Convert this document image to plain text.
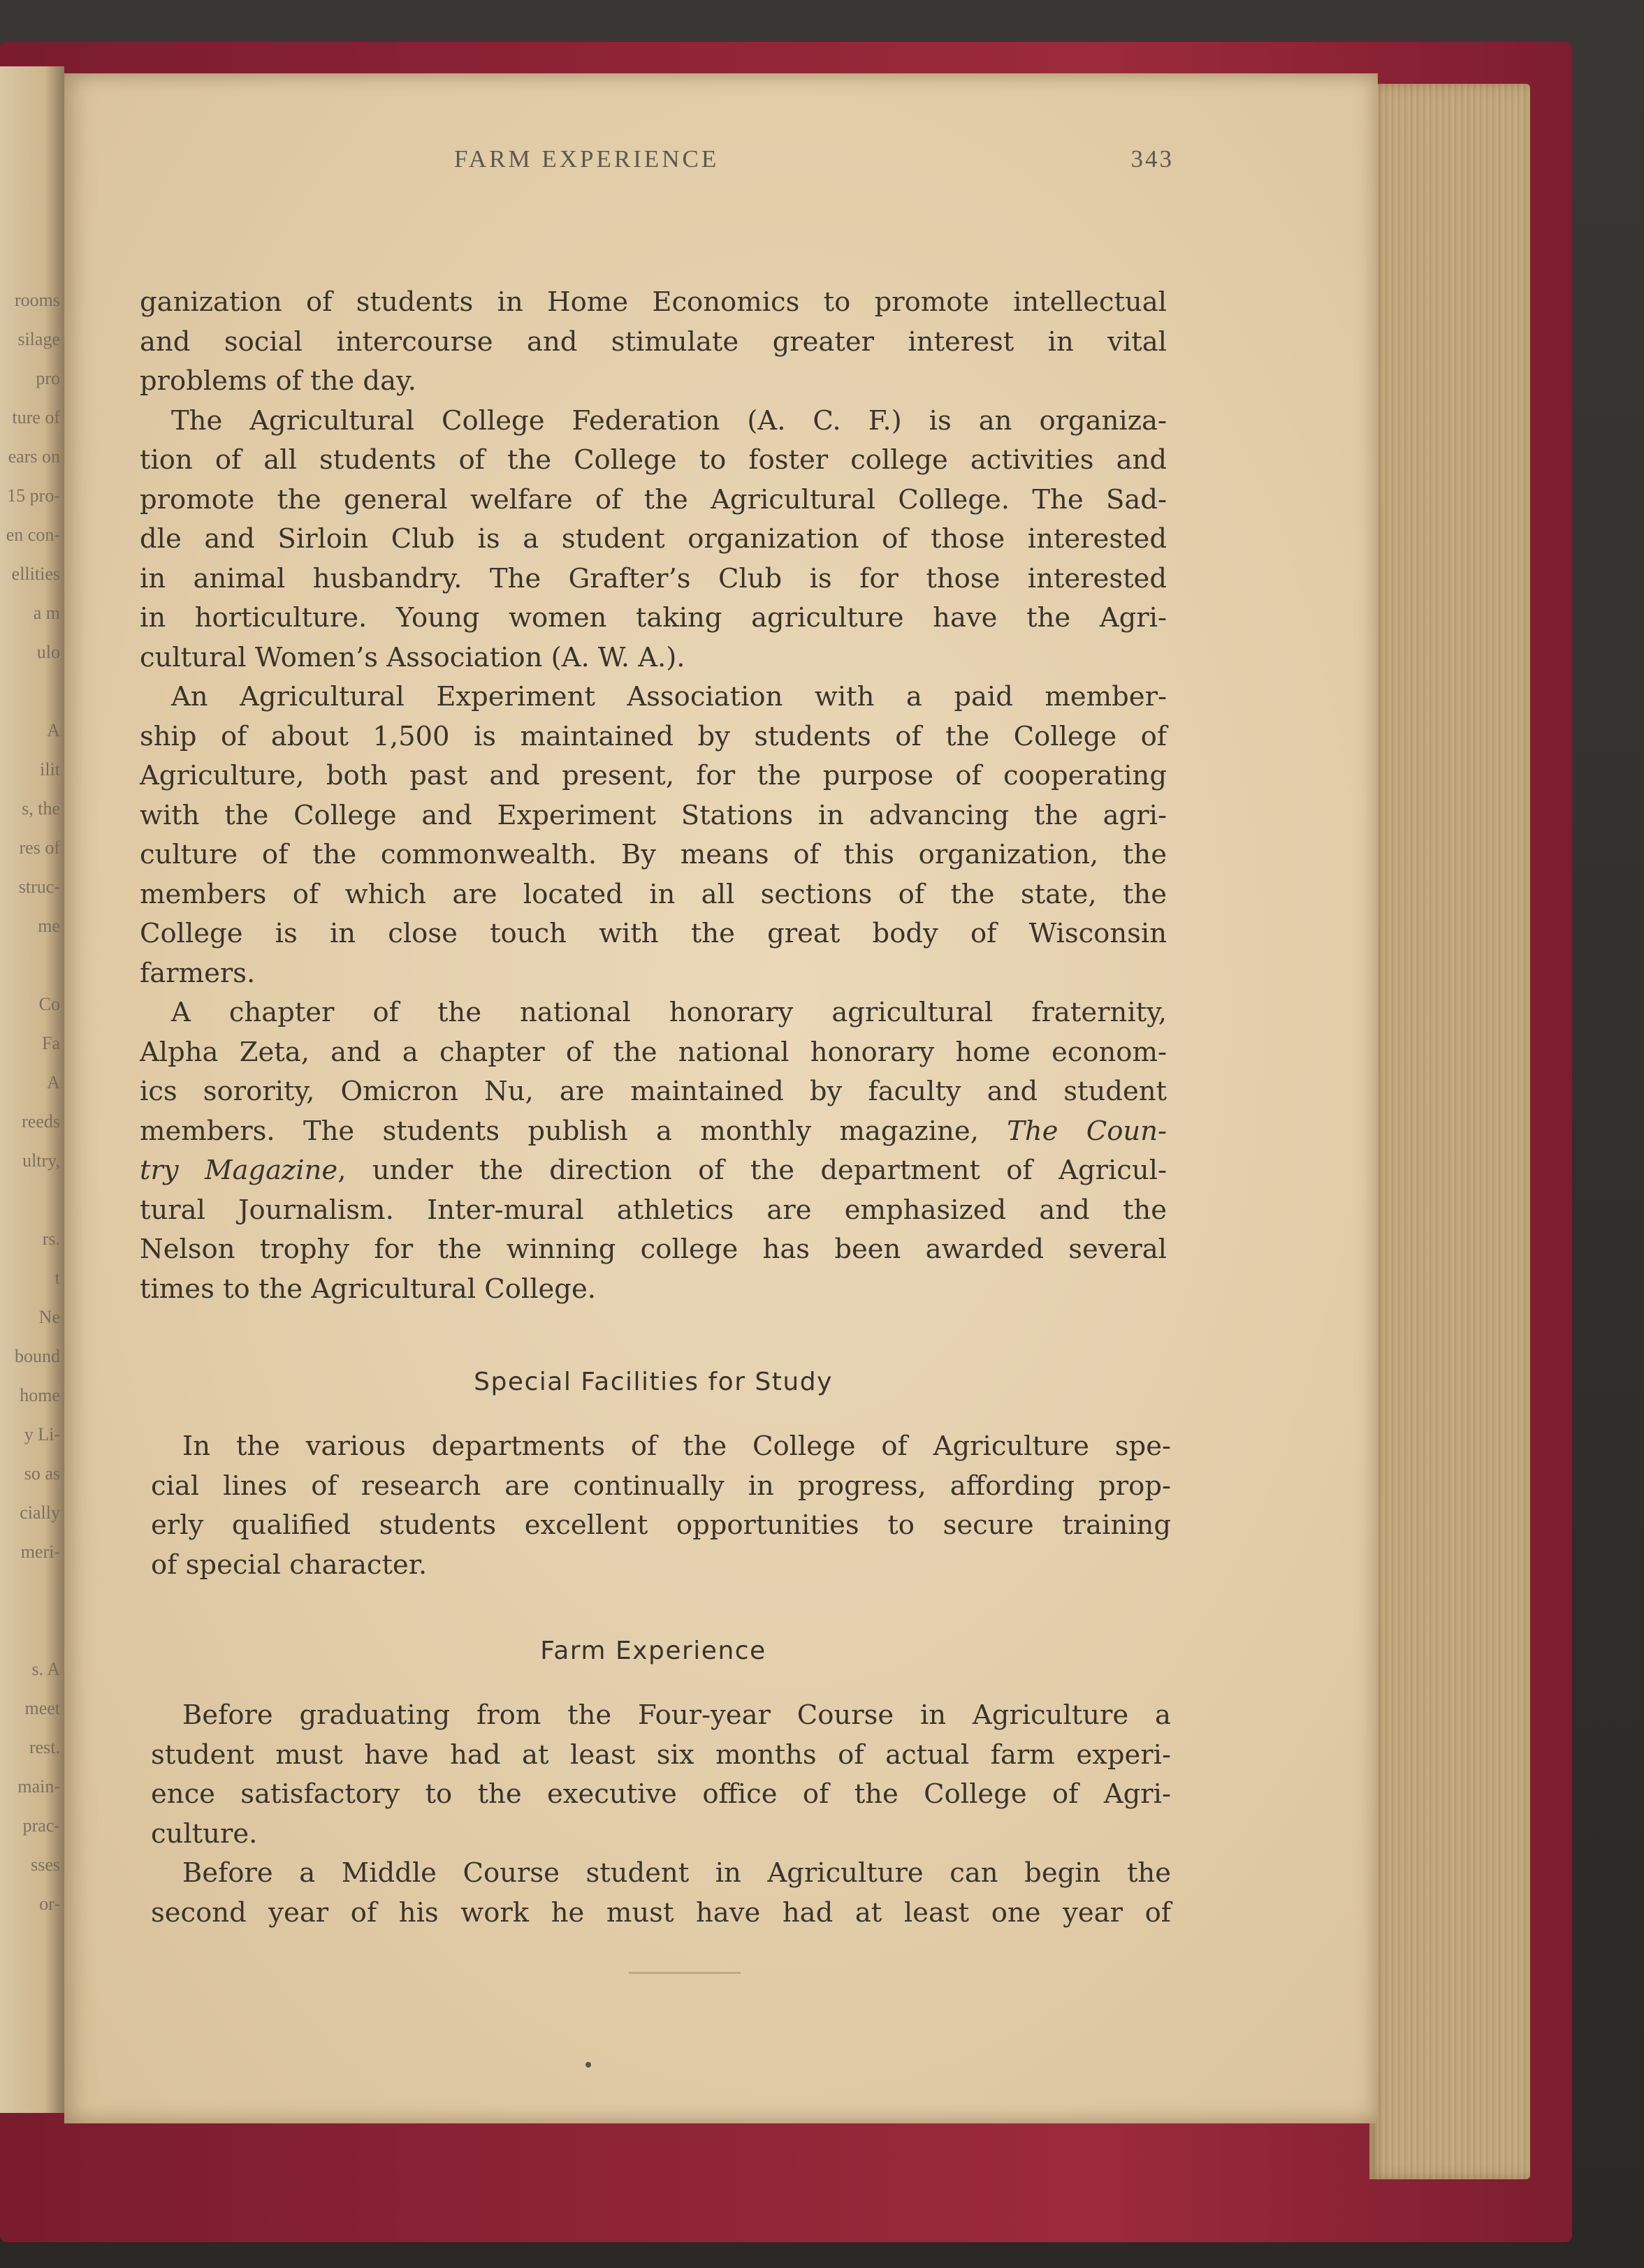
rooms
silage
pro
ture of
ears on
15 pro-
en con-
ellities
a m
ulo
A
ilit
s, the
res of
struc-
me
Co
Fa
A
reeds
ultry,
rs.
t
Ne
bound
home
y Li-
so as
cially
meri-
s. A
meet
rest.
main-
prac-
sses
or-
FARM EXPERIENCE	343
ganization of students in Home Economics to promote intellectual
and social intercourse and stimulate greater interest in vital
problems of the day.
The Agricultural College Federation (A. C. F.) is an organiza-
tion of all students of the College to foster college activities and
promote the general welfare of the Agricultural College. The Sad-
dle and Sirloin Club is a student organization of those interested
in animal husbandry. The Grafter’s Club is for those interested
in horticulture. Young women taking agriculture have the Agri-
cultural Women’s Association (A. W. A.).
An Agricultural Experiment Association with a paid member-
ship of about 1,500 is maintained by students of the College of
Agriculture, both past and present, for the purpose of cooperating
with the College and Experiment Stations in advancing the agri-
culture of the commonwealth. By means of this organization, the
members of which are located in all sections of the state, the
College is in close touch with the great body of Wisconsin
farmers.
A chapter of the national honorary agricultural fraternity,
Alpha Zeta, and a chapter of the national honorary home econom-
ics sorority, Omicron Nu, are maintained by faculty and student
members. The students publish a monthly magazine, The Coun-
try Magazine, under the direction of the department of Agricul-
tural Journalism. Inter-mural athletics are emphasized and the
Nelson trophy for the winning college has been awarded several
times to the Agricultural College.
Special Facilities for Study
In the various departments of the College of Agriculture spe-
cial lines of research are continually in progress, affording prop-
erly qualified students excellent opportunities to secure training
of special character.
Farm Experience
Before graduating from the Four-year Course in Agriculture a
student must have had at least six months of actual farm experi-
ence satisfactory to the executive office of the College of Agri-
culture.
Before a Middle Course student in Agriculture can begin the
second year of his work he must have had at least one year of
